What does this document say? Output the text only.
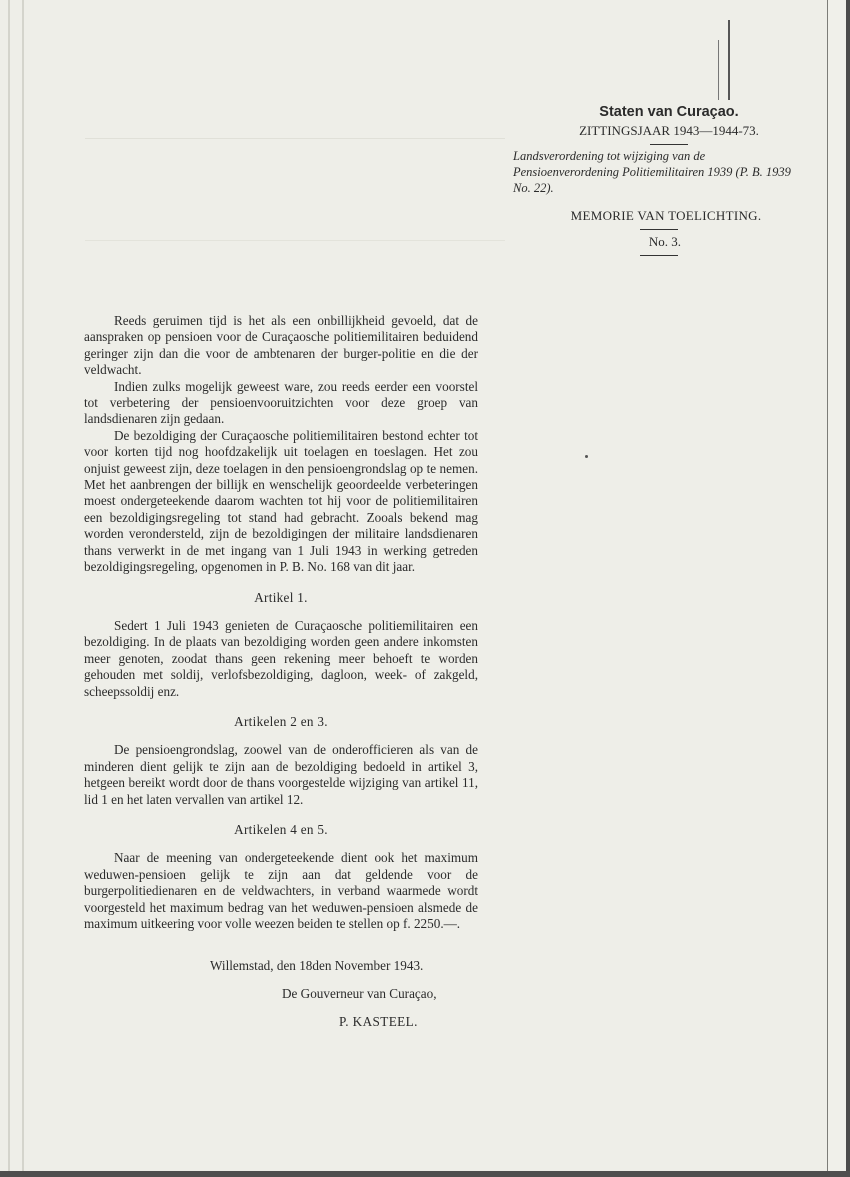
Staten van Curaçao.
ZITTINGSJAAR 1943—1944-73.
Landsverordening tot wijziging van de Pensioenverordening Politiemilitairen 1939 (P. B. 1939 No. 22).
MEMORIE VAN TOELICHTING.
No. 3.

Reeds geruimen tijd is het als een onbillijkheid gevoeld, dat de aanspraken op pensioen voor de Curaçaosche politiemilitairen beduidend geringer zijn dan die voor de ambtenaren der burger-politie en die der veldwacht.

Indien zulks mogelijk geweest ware, zou reeds eerder een voorstel tot verbetering der pensioenvooruitzichten voor deze groep van landsdienaren zijn gedaan.

De bezoldiging der Curaçaosche politiemilitairen bestond echter tot voor korten tijd nog hoofdzakelijk uit toelagen en toeslagen. Het zou onjuist geweest zijn, deze toelagen in den pensioengrondslag op te nemen. Met het aanbrengen der billijk en wenschelijk geoordeelde verbeteringen moest ondergeteekende daarom wachten tot hij voor de politiemilitairen een bezoldigingsregeling tot stand had gebracht. Zooals bekend mag worden verondersteld, zijn de bezoldigingen der militaire landsdienaren thans verwerkt in de met ingang van 1 Juli 1943 in werking getreden bezoldigingsregeling, opgenomen in P. B. No. 168 van dit jaar.

Artikel 1.

Sedert 1 Juli 1943 genieten de Curaçaosche politiemilitairen een bezoldiging. In de plaats van bezoldiging worden geen andere inkomsten meer genoten, zoodat thans geen rekening meer behoeft te worden gehouden met soldij, verlofsbezoldiging, dagloon, week- of zakgeld, scheepssoldij enz.

Artikelen 2 en 3.

De pensioengrondslag, zoowel van de onderofficieren als van de minderen dient gelijk te zijn aan de bezoldiging bedoeld in artikel 3, hetgeen bereikt wordt door de thans voorgestelde wijziging van artikel 11, lid 1 en het laten vervallen van artikel 12.

Artikelen 4 en 5.

Naar de meening van ondergeteekende dient ook het maximum weduwen-pensioen gelijk te zijn aan dat geldende voor de burgerpolitiedienaren en de veldwachters, in verband waarmede wordt voorgesteld het maximum bedrag van het weduwen-pensioen alsmede de maximum uitkeering voor volle weezen beiden te stellen op f. 2250.—.

Willemstad, den 18den November 1943.
De Gouverneur van Curaçao,
P. KASTEEL.
